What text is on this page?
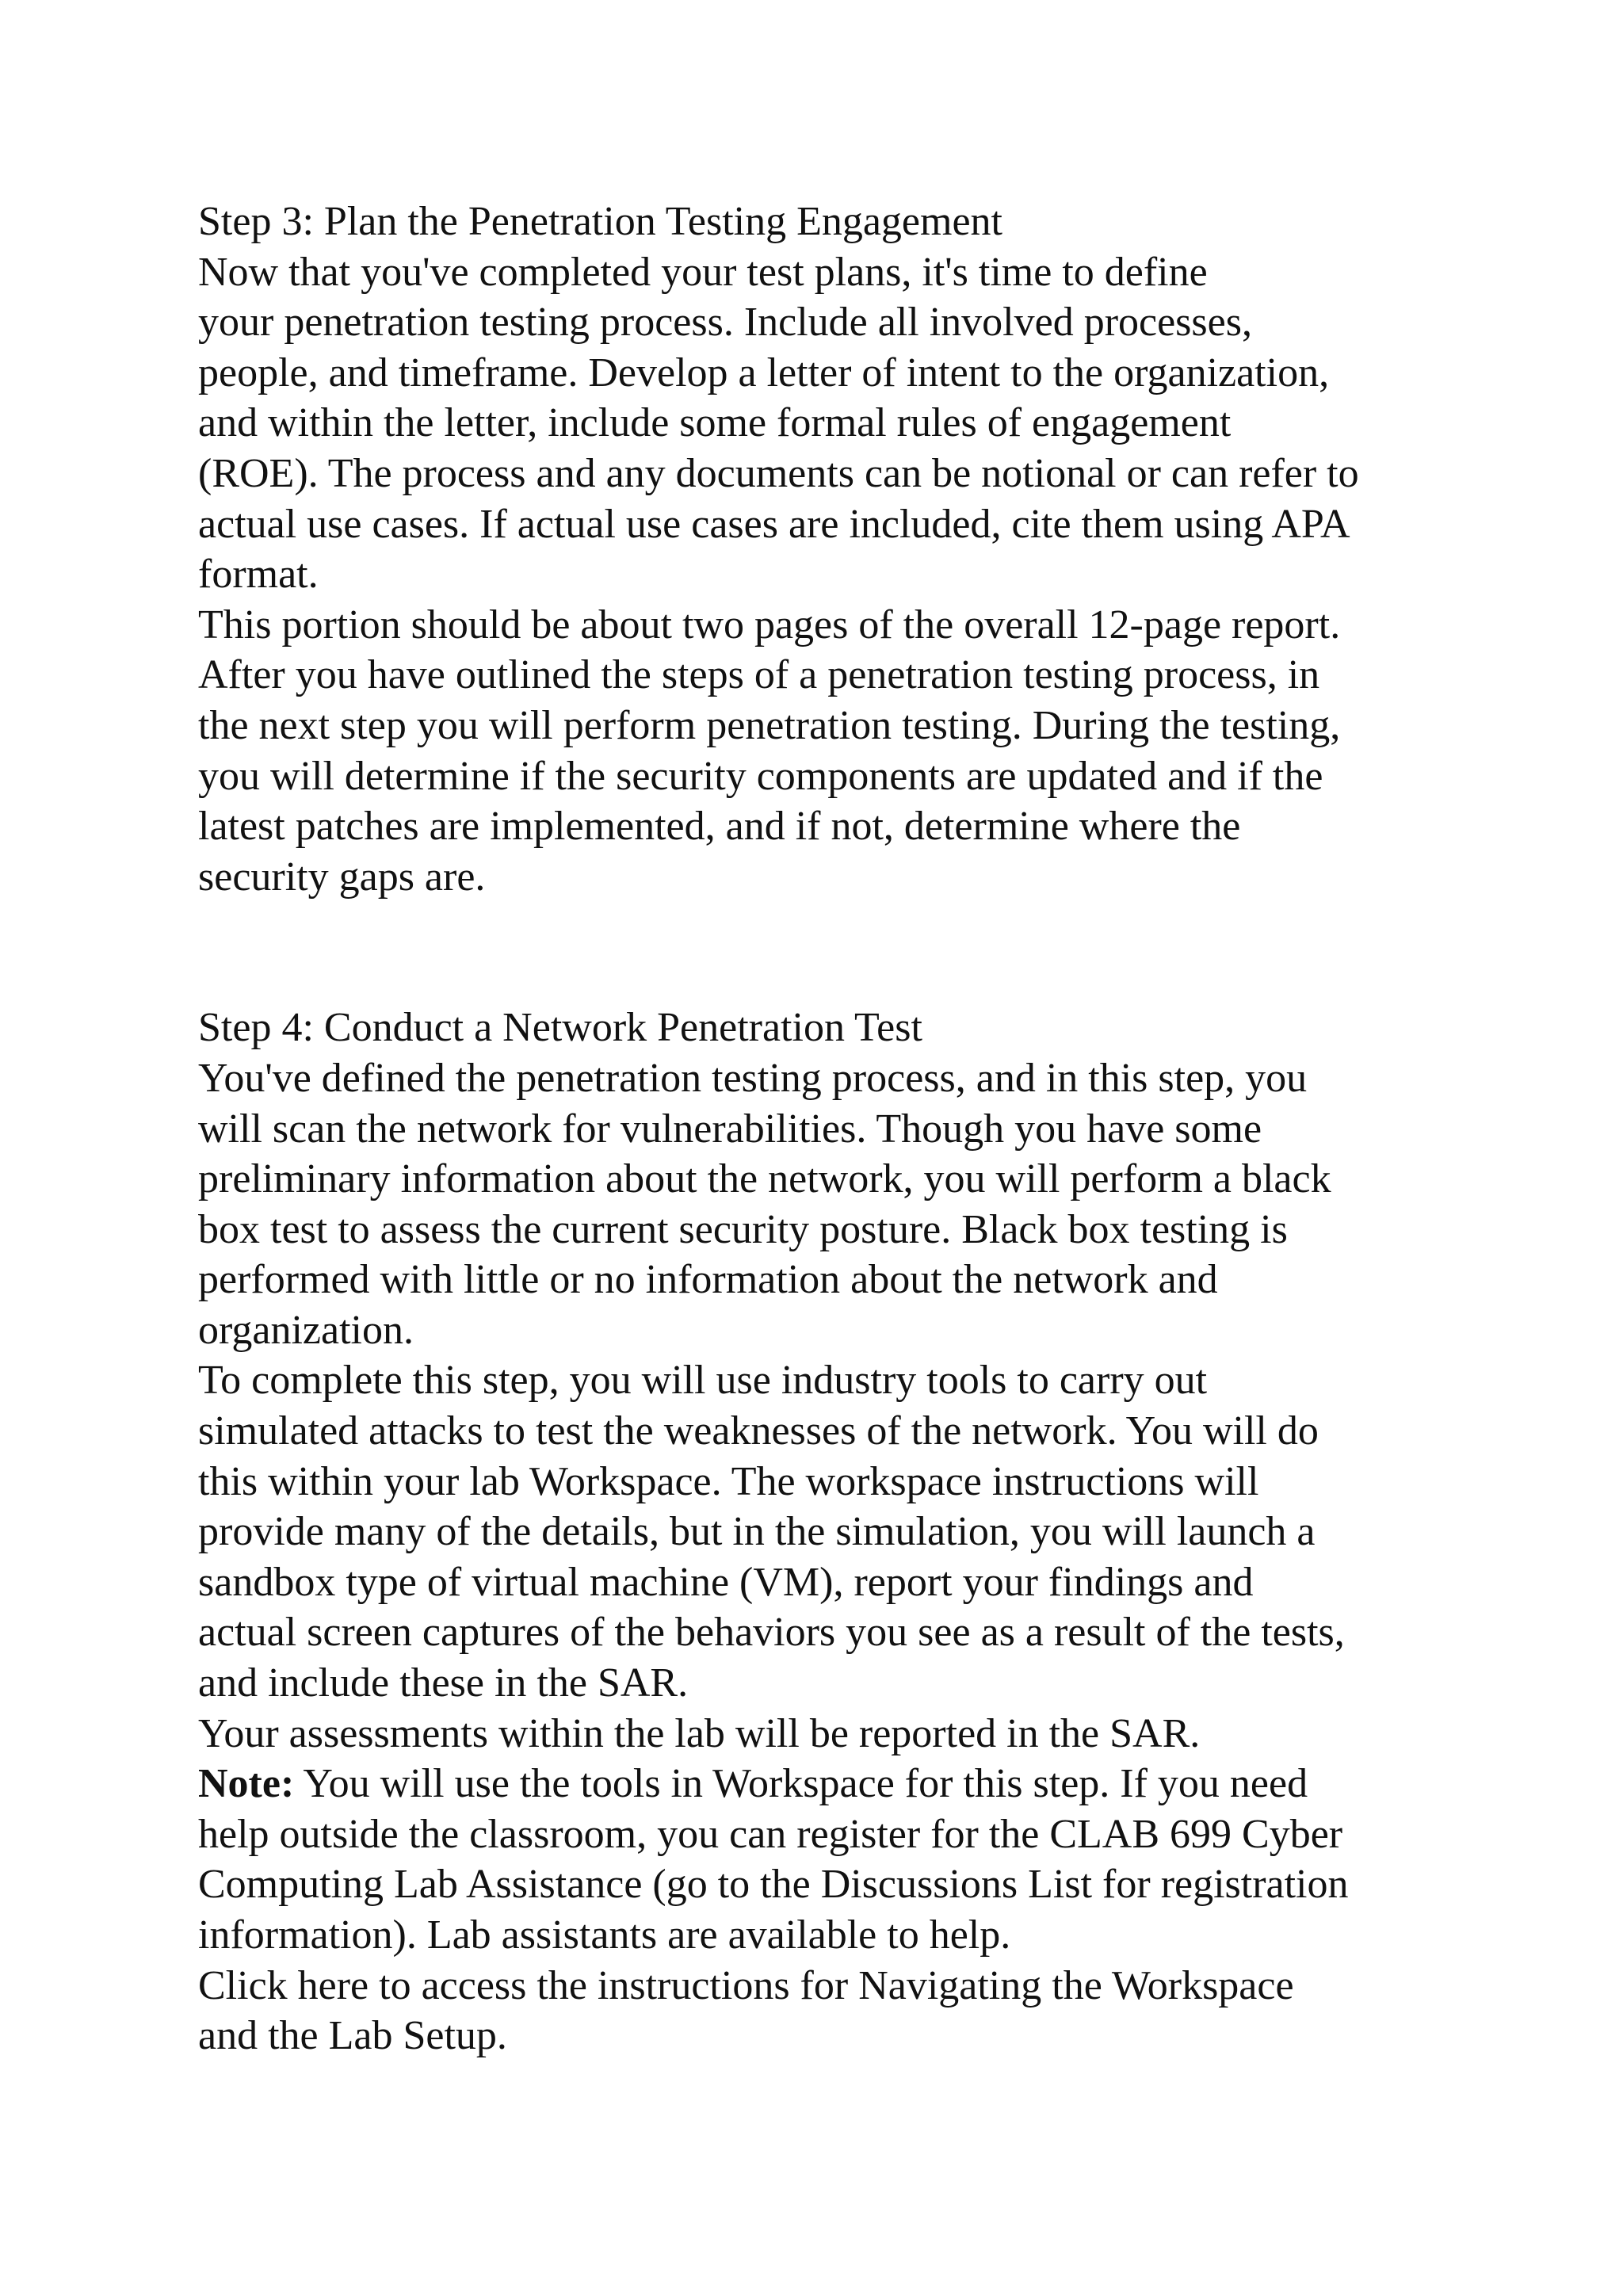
Step 3: Plan the Penetration Testing Engagement
Now that you've completed your test plans, it's time to define
your penetration testing process. Include all involved processes,
people, and timeframe. Develop a letter of intent to the organization,
and within the letter, include some formal rules of engagement
(ROE). The process and any documents can be notional or can refer to
actual use cases. If actual use cases are included, cite them using APA
format.
This portion should be about two pages of the overall 12-page report.
After you have outlined the steps of a penetration testing process, in
the next step you will perform penetration testing. During the testing,
you will determine if the security components are updated and if the
latest patches are implemented, and if not, determine where the
security gaps are.
Step 4: Conduct a Network Penetration Test
You've defined the penetration testing process, and in this step, you
will scan the network for vulnerabilities. Though you have some
preliminary information about the network, you will perform a black
box test to assess the current security posture. Black box testing is
performed with little or no information about the network and
organization.
To complete this step, you will use industry tools to carry out
simulated attacks to test the weaknesses of the network. You will do
this within your lab Workspace. The workspace instructions will
provide many of the details, but in the simulation, you will launch a
sandbox type of virtual machine (VM), report your findings and
actual screen captures of the behaviors you see as a result of the tests,
and include these in the SAR.
Your assessments within the lab will be reported in the SAR.
Note: You will use the tools in Workspace for this step. If you need
help outside the classroom, you can register for the CLAB 699 Cyber
Computing Lab Assistance (go to the Discussions List for registration
information). Lab assistants are available to help.
Click here to access the instructions for Navigating the Workspace
and the Lab Setup.
